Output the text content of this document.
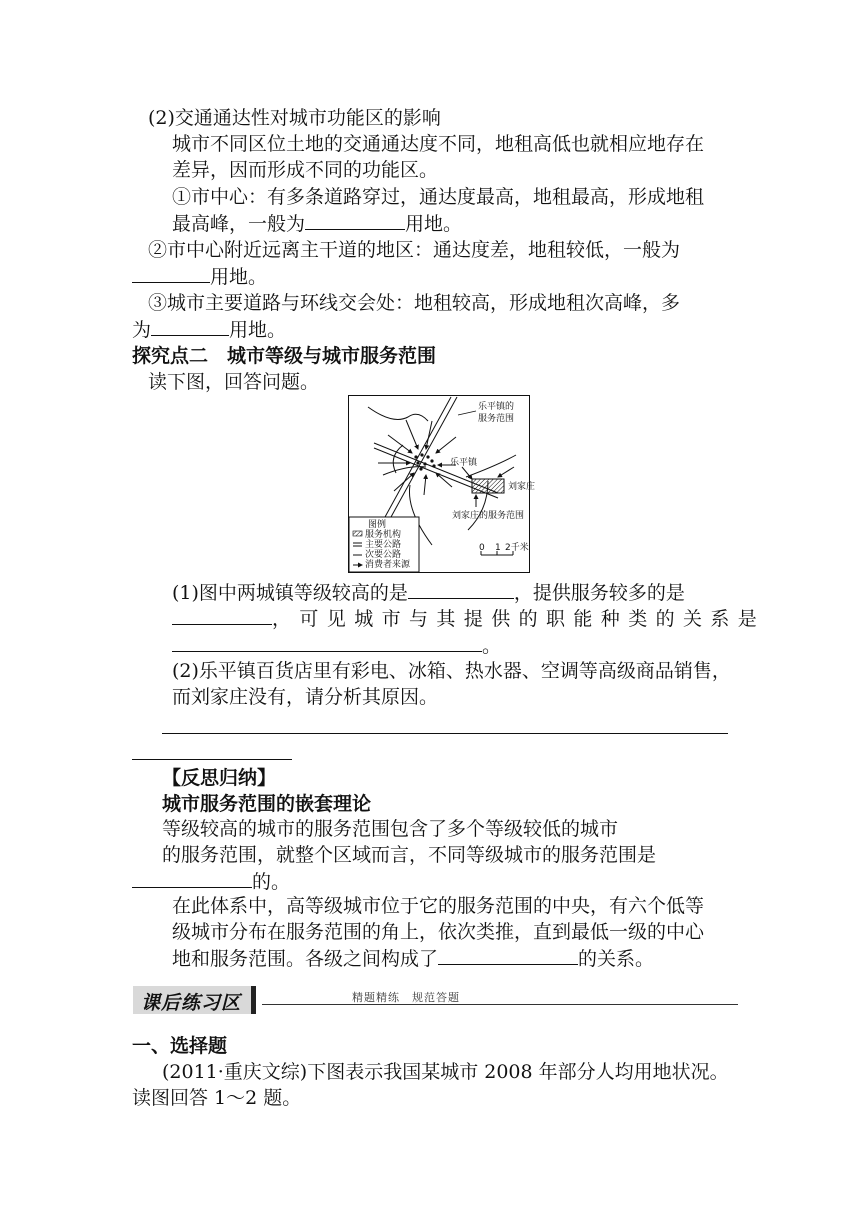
(2)交通通达性对城市功能区的影响
城市不同区位土地的交通通达度不同，地租高低也就相应地存在
差异，因而形成不同的功能区。
①市中心：有多条道路穿过，通达度最高，地租最高，形成地租
最高峰，一般为	用地。
②市中心附近远离主干道的地区：通达度差，地租较低，一般为
用地。
③城市主要道路与环线交会处：地租较高，形成地租次高峰，多
为	用地。
探究点二　城市等级与城市服务范围
读下图，回答问题。
乐平镇的
服务范围
乐平镇
刘家庄
刘家庄的服务范围
图例
服务机构
主要公路
次要公路
消费者来源
0 1 2千米
(1)图中两城镇等级较高的是	，提供服务较多的是
，可见城市与其提供的职能种类的关系是
。
(2)乐平镇百货店里有彩电、冰箱、热水器、空调等高级商品销售，
而刘家庄没有，请分析其原因。
【反思归纳】
城市服务范围的嵌套理论
等级较高的城市的服务范围包含了多个等级较低的城市
的服务范围，就整个区域而言，不同等级城市的服务范围是
的。
在此体系中，高等级城市位于它的服务范围的中央，有六个低等
级城市分布在服务范围的角上，依次类推，直到最低一级的中心
地和服务范围。各级之间构成了	的关系。
课后练习区	精题精练　规范答题
一、选择题
(2011·重庆文综)下图表示我国某城市 2008 年部分人均用地状况。
读图回答 1～2 题。
